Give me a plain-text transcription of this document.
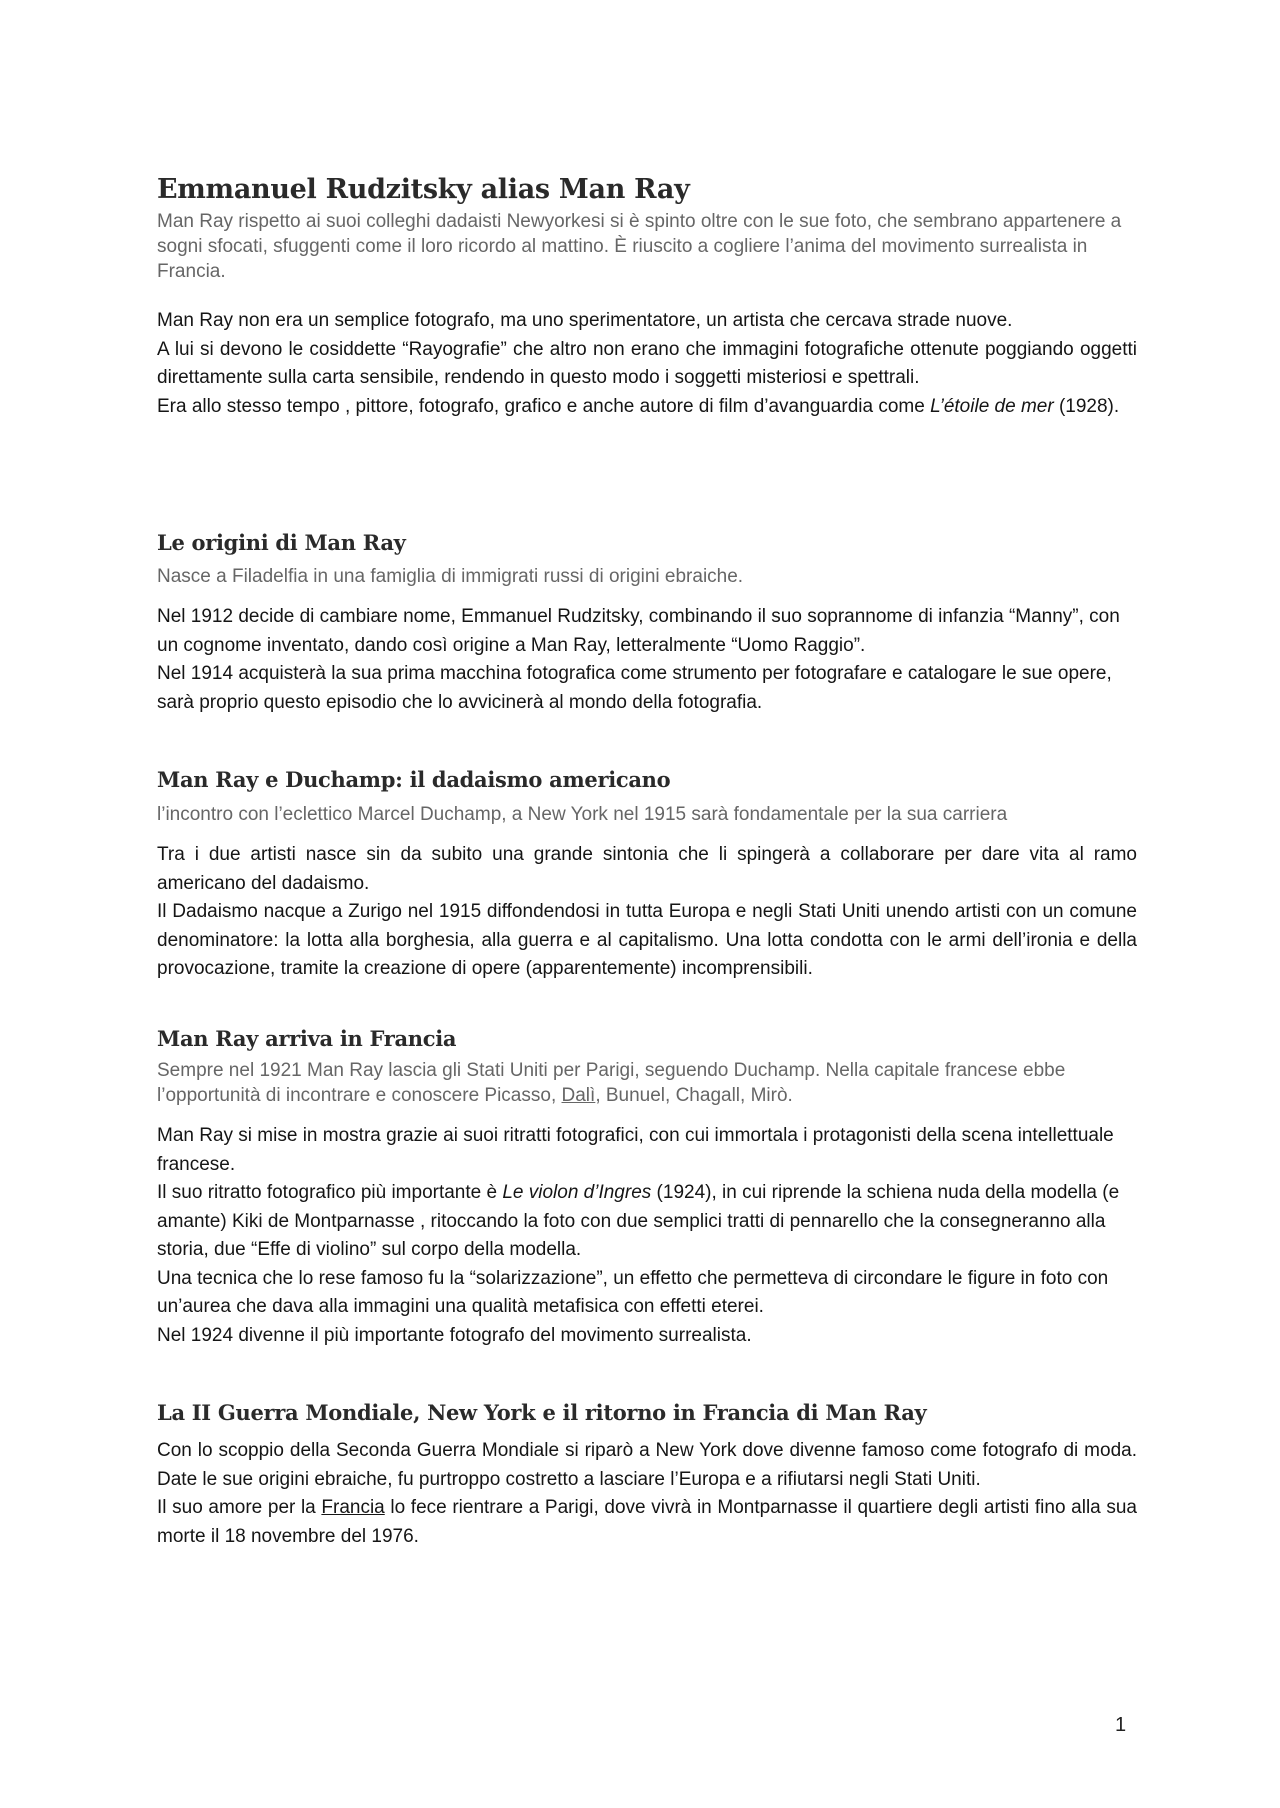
Emmanuel Rudzitsky alias Man Ray
Man Ray rispetto ai suoi colleghi dadaisti Newyorkesi si è spinto oltre con le sue foto, che sembrano appartenere a sogni sfocati, sfuggenti come il loro ricordo al mattino. È riuscito a cogliere l’anima del movimento surrealista in Francia.
Man Ray non era un semplice fotografo, ma uno sperimentatore, un artista che cercava strade nuove.
A lui si devono le cosiddette “Rayografie” che altro non erano che immagini fotografiche ottenute poggiando oggetti direttamente sulla carta sensibile, rendendo in questo modo i soggetti misteriosi e spettrali.
Era allo stesso tempo , pittore, fotografo, grafico e anche autore di film d’avanguardia come L’étoile de mer (1928).
Le origini di Man Ray
Nasce a Filadelfia in una famiglia di immigrati russi di origini ebraiche.
Nel 1912 decide di cambiare nome, Emmanuel Rudzitsky, combinando il suo soprannome di infanzia “Manny”, con un cognome inventato, dando così origine a Man Ray, letteralmente “Uomo Raggio”.
Nel 1914 acquisterà la sua prima macchina fotografica come strumento per fotografare e catalogare le sue opere, sarà proprio questo episodio che lo avvicinerà al mondo della fotografia.
Man Ray e Duchamp: il dadaismo americano
l’incontro con l’eclettico Marcel Duchamp, a New York nel 1915 sarà fondamentale per la sua carriera
Tra i due artisti nasce sin da subito una grande sintonia che li spingerà a collaborare per dare vita al ramo americano del dadaismo.
Il Dadaismo nacque a Zurigo nel 1915 diffondendosi in tutta Europa e negli Stati Uniti unendo artisti con un comune denominatore: la lotta alla borghesia, alla guerra e al capitalismo. Una lotta condotta con le armi dell’ironia e della provocazione, tramite la creazione di opere (apparentemente) incomprensibili.
Man Ray arriva in Francia
Sempre nel 1921 Man Ray lascia gli Stati Uniti per Parigi, seguendo Duchamp. Nella capitale francese ebbe l’opportunità di incontrare e conoscere Picasso, Dalì, Bunuel, Chagall, Mirò.
Man Ray si mise in mostra grazie ai suoi ritratti fotografici, con cui immortala i protagonisti della scena intellettuale francese.
Il suo ritratto fotografico più importante è Le violon d’Ingres (1924), in cui riprende la schiena nuda della modella (e amante) Kiki de Montparnasse , ritoccando la foto con due semplici tratti di pennarello che la consegneranno alla storia, due “Effe di violino” sul corpo della modella.
Una tecnica che lo rese famoso fu la “solarizzazione”, un effetto che permetteva di circondare le figure in foto con un’aurea che dava alla immagini una qualità metafisica con effetti eterei.
Nel 1924 divenne il più importante fotografo del movimento surrealista.
La II Guerra Mondiale, New York e il ritorno in Francia di Man Ray
Con lo scoppio della Seconda Guerra Mondiale si riparò a New York dove divenne famoso come fotografo di moda. Date le sue origini ebraiche, fu purtroppo costretto a lasciare l’Europa e a rifiutarsi negli Stati Uniti.
Il suo amore per la Francia lo fece rientrare a Parigi, dove vivrà in Montparnasse il quartiere degli artisti fino alla sua morte il 18 novembre del 1976.
1
